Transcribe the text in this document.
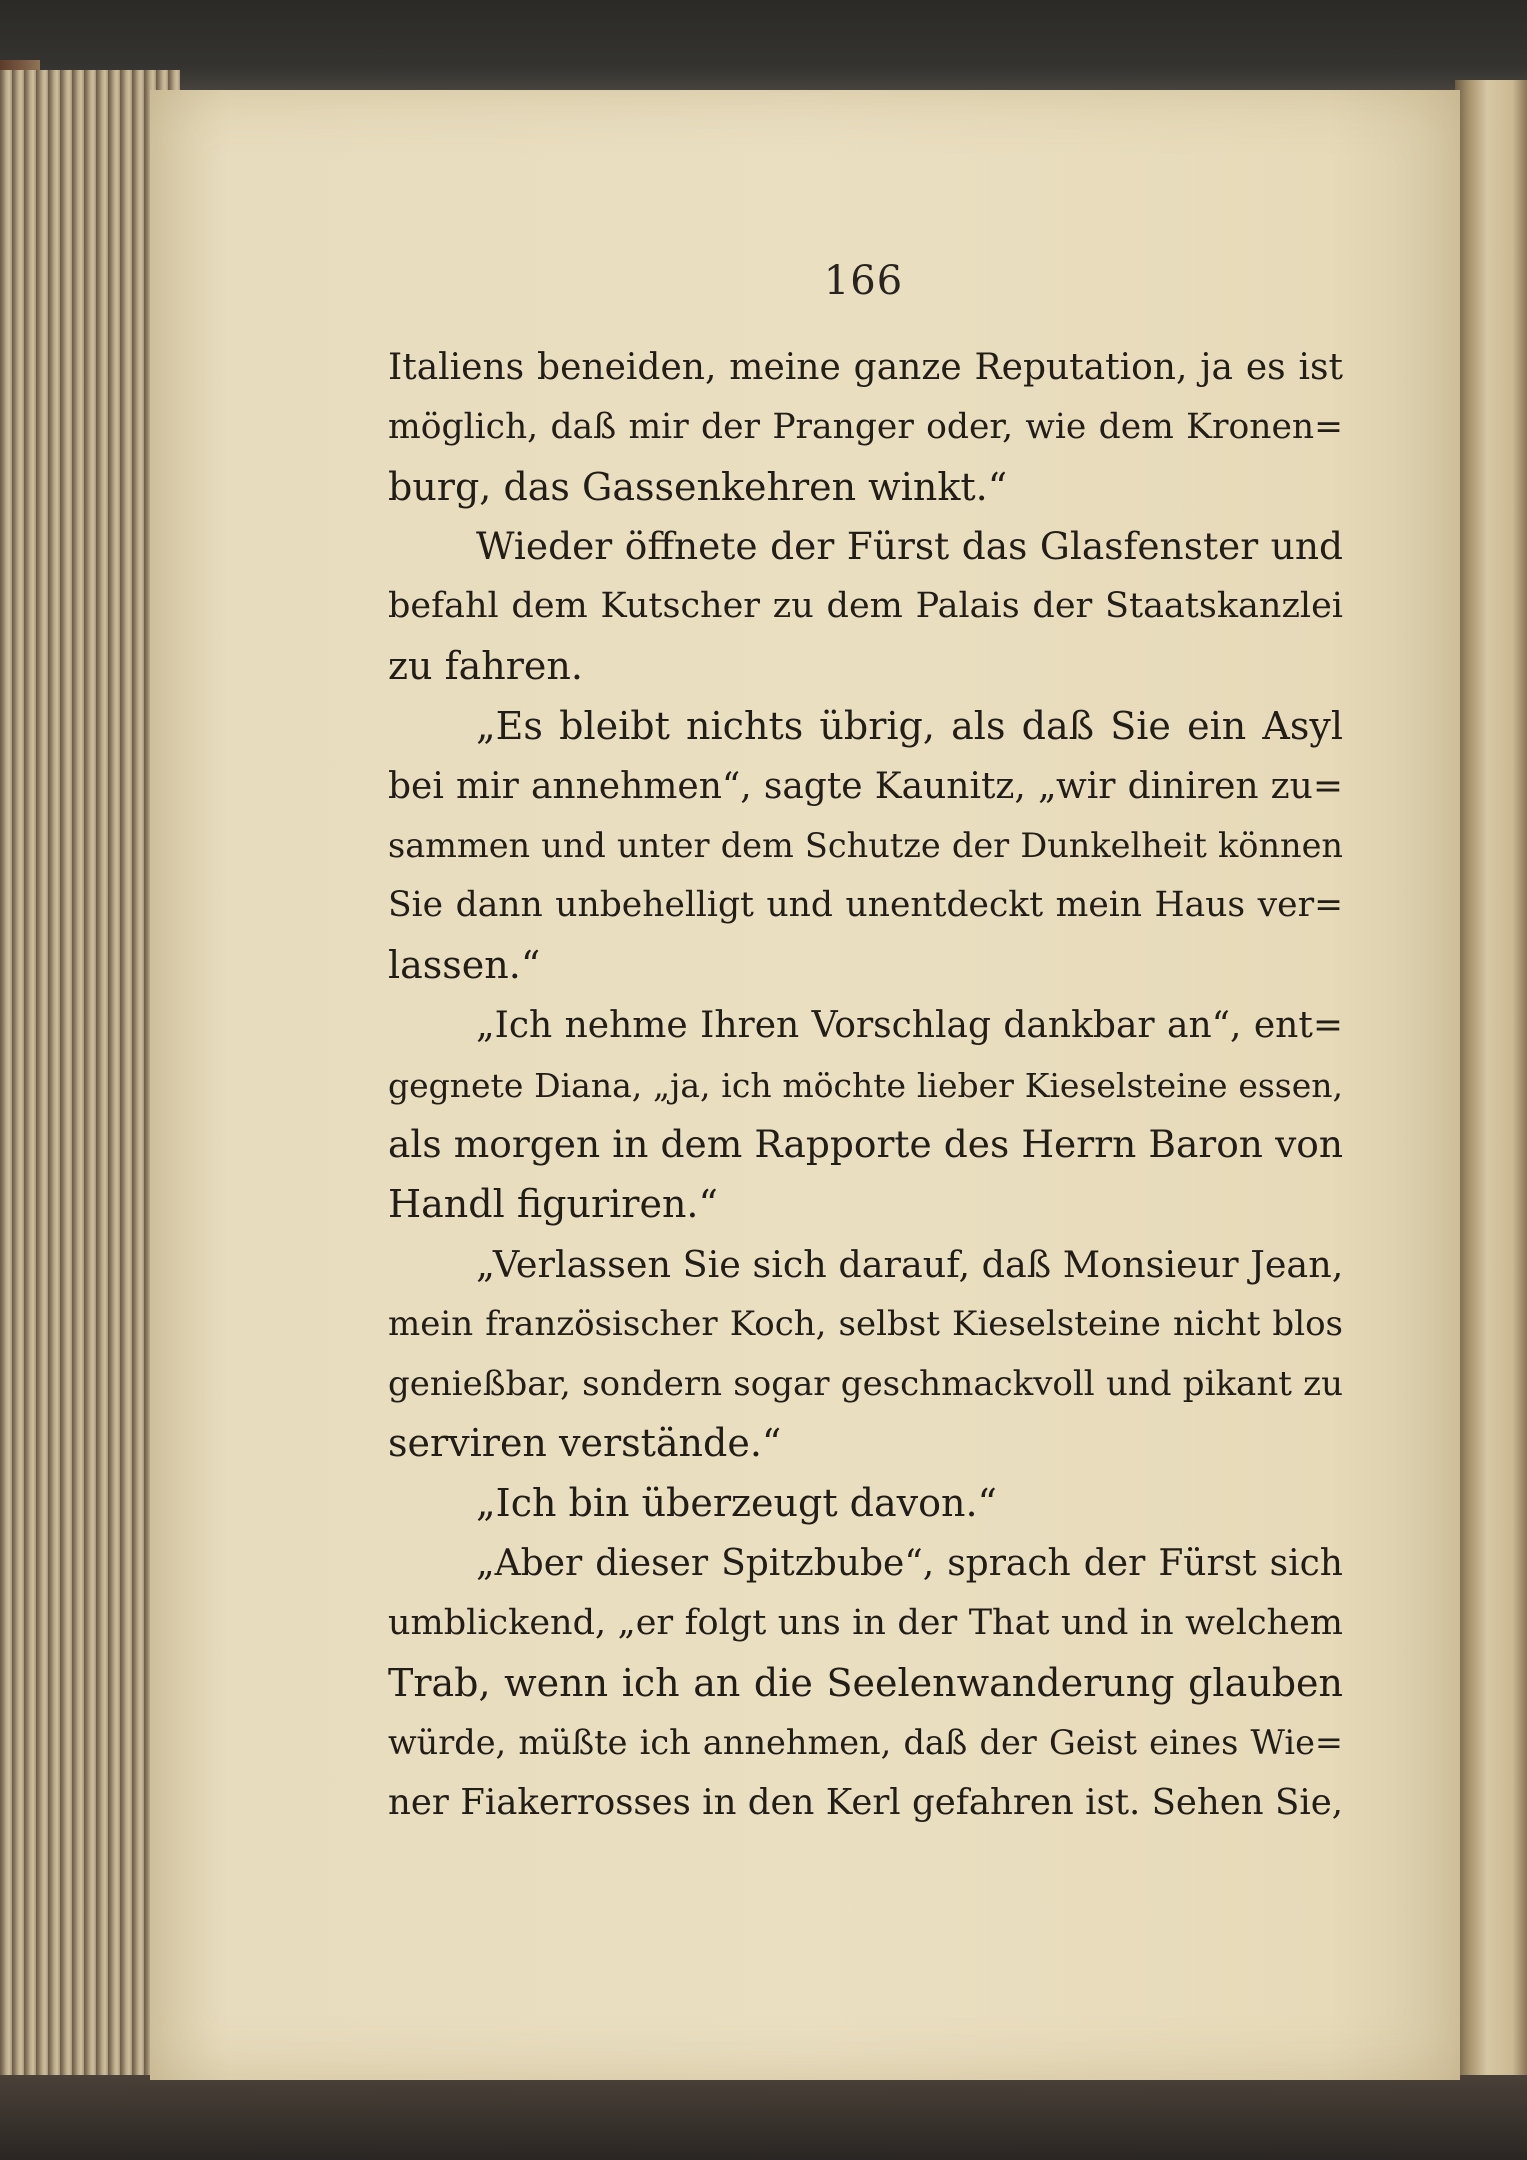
166
Italiens beneiden, meine ganze Reputation, ja es ist
möglich, daß mir der Pranger oder, wie dem Kronen=
burg, das Gassenkehren winkt.“
Wieder öffnete der Fürst das Glasfenster und
befahl dem Kutscher zu dem Palais der Staatskanzlei
zu fahren.
„Es bleibt nichts übrig, als daß Sie ein Asyl
bei mir annehmen“, sagte Kaunitz, „wir diniren zu=
sammen und unter dem Schutze der Dunkelheit können
Sie dann unbehelligt und unentdeckt mein Haus ver=
lassen.“
„Ich nehme Ihren Vorschlag dankbar an“, ent=
gegnete Diana, „ja, ich möchte lieber Kieselsteine essen,
als morgen in dem Rapporte des Herrn Baron von
Handl figuriren.“
„Verlassen Sie sich darauf, daß Monsieur Jean,
mein französischer Koch, selbst Kieselsteine nicht blos
genießbar, sondern sogar geschmackvoll und pikant zu
serviren verstände.“
„Ich bin überzeugt davon.“
„Aber dieser Spitzbube“, sprach der Fürst sich
umblickend, „er folgt uns in der That und in welchem
Trab, wenn ich an die Seelenwanderung glauben
würde, müßte ich annehmen, daß der Geist eines Wie=
ner Fiakerrosses in den Kerl gefahren ist. Sehen Sie,
